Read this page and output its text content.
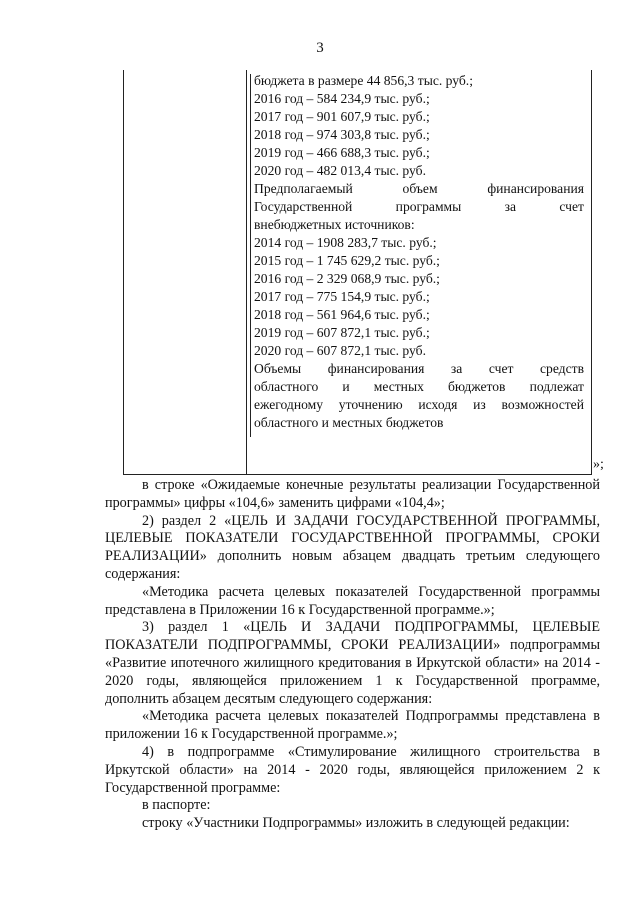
3
бюджета в размере 44 856,3 тыс. руб.;
2016 год – 584 234,9 тыс. руб.;
2017 год – 901 607,9 тыс. руб.;
2018 год – 974 303,8 тыс. руб.;
2019 год – 466 688,3 тыс. руб.;
2020 год – 482 013,4 тыс. руб.
Предполагаемый объем финансирования
Государственной программы за счет
внебюджетных источников:
2014 год – 1908 283,7 тыс. руб.;
2015 год – 1 745 629,2 тыс. руб.;
2016 год – 2 329 068,9 тыс. руб.;
2017 год – 775 154,9 тыс. руб.;
2018 год – 561 964,6 тыс. руб.;
2019 год – 607 872,1 тыс. руб.;
2020 год – 607 872,1 тыс. руб.
Объемы финансирования за счет средств
областного и местных бюджетов подлежат
ежегодному уточнению исходя из возможностей
областного и местных бюджетов
»;

в строке «Ожидаемые конечные результаты реализации Государственной программы» цифры «104,6» заменить цифрами «104,4»;

2) раздел 2 «ЦЕЛЬ И ЗАДАЧИ ГОСУДАРСТВЕННОЙ ПРОГРАММЫ, ЦЕЛЕВЫЕ ПОКАЗАТЕЛИ ГОСУДАРСТВЕННОЙ ПРОГРАММЫ, СРОКИ РЕАЛИЗАЦИИ» дополнить новым абзацем двадцать третьим следующего содержания:

«Методика расчета целевых показателей Государственной программы представлена в Приложении 16 к Государственной программе.»;

3) раздел 1 «ЦЕЛЬ И ЗАДАЧИ ПОДПРОГРАММЫ, ЦЕЛЕВЫЕ ПОКАЗАТЕЛИ ПОДПРОГРАММЫ, СРОКИ РЕАЛИЗАЦИИ» подпрограммы «Развитие ипотечного жилищного кредитования в Иркутской области» на 2014 - 2020 годы, являющейся приложением 1 к Государственной программе, дополнить абзацем десятым следующего содержания:

«Методика расчета целевых показателей Подпрограммы представлена в приложении 16 к Государственной программе.»;

4) в подпрограмме «Стимулирование жилищного строительства в Иркутской области» на 2014 - 2020 годы, являющейся приложением 2 к Государственной программе:

в паспорте:

строку «Участники Подпрограммы» изложить в следующей редакции:
